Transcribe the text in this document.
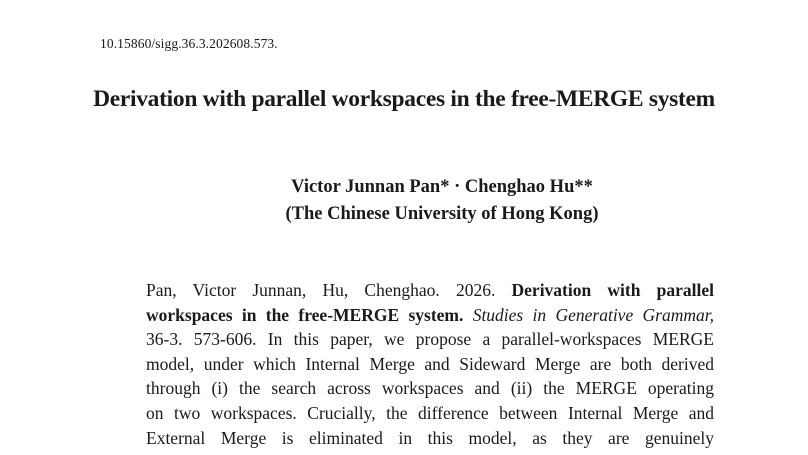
10.15860/sigg.36.3.202608.573.
Derivation with parallel workspaces in the free-MERGE system
Victor Junnan Pan* · Chenghao Hu**
(The Chinese University of Hong Kong)
Pan, Victor Junnan, Hu, Chenghao. 2026. Derivation with parallel
workspaces in the free-MERGE system. Studies in Generative Grammar,
36-3. 573-606. In this paper, we propose a parallel-workspaces MERGE
model, under which Internal Merge and Sideward Merge are both derived
through (i) the search across workspaces and (ii) the MERGE operating
on two workspaces. Crucially, the difference between Internal Merge and
External Merge is eliminated in this model, as they are genuinely
